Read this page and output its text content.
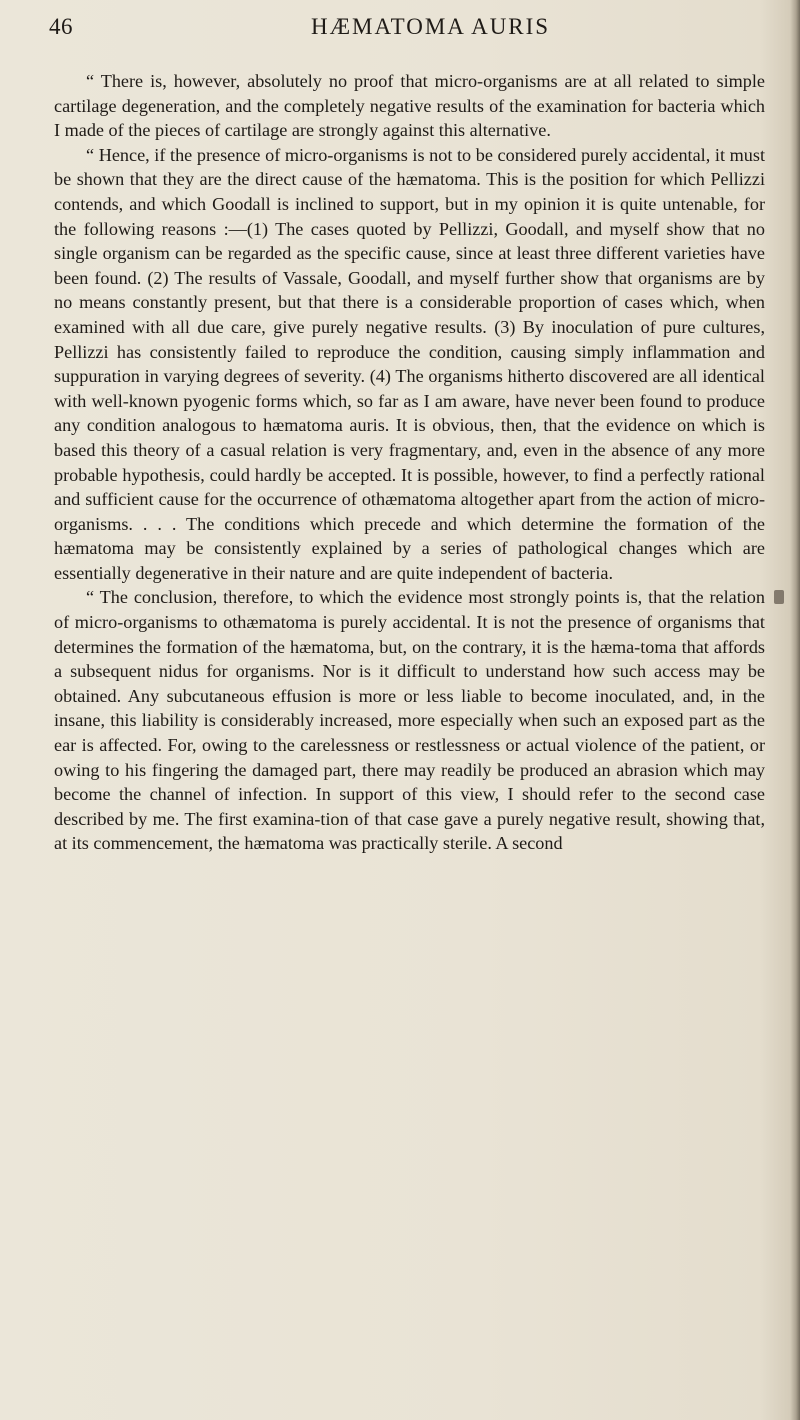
46	HÆMATOMA AURIS

“ There is, however, absolutely no proof that micro-organisms are at all related to simple cartilage degeneration, and the completely negative results of the examination for bacteria which I made of the pieces of cartilage are strongly against this alternative.

“ Hence, if the presence of micro-organisms is not to be considered purely accidental, it must be shown that they are the direct cause of the hæmatoma. This is the position for which Pellizzi contends, and which Goodall is inclined to support, but in my opinion it is quite untenable, for the following reasons :—(1) The cases quoted by Pellizzi, Goodall, and myself show that no single organism can be regarded as the specific cause, since at least three different varieties have been found. (2) The results of Vassale, Goodall, and myself further show that organisms are by no means constantly present, but that there is a considerable proportion of cases which, when examined with all due care, give purely negative results. (3) By inoculation of pure cultures, Pellizzi has consistently failed to reproduce the condition, causing simply inflammation and suppuration in varying degrees of severity. (4) The organisms hitherto discovered are all identical with well-known pyogenic forms which, so far as I am aware, have never been found to produce any condition analogous to hæmatoma auris. It is obvious, then, that the evidence on which is based this theory of a casual relation is very fragmentary, and, even in the absence of any more probable hypothesis, could hardly be accepted. It is possible, however, to find a perfectly rational and sufficient cause for the occurrence of othæmatoma altogether apart from the action of micro-organisms. . . . The conditions which precede and which determine the formation of the hæmatoma may be consistently explained by a series of pathological changes which are essentially degenerative in their nature and are quite independent of bacteria.

“ The conclusion, therefore, to which the evidence most strongly points is, that the relation of micro-organisms to othæmatoma is purely accidental. It is not the presence of organisms that determines the formation of the hæmatoma, but, on the contrary, it is the hæma-toma that affords a subsequent nidus for organisms. Nor is it difficult to understand how such access may be obtained. Any subcutaneous effusion is more or less liable to become inoculated, and, in the insane, this liability is considerably increased, more especially when such an exposed part as the ear is affected. For, owing to the carelessness or restlessness or actual violence of the patient, or owing to his fingering the damaged part, there may readily be produced an abrasion which may become the channel of infection. In support of this view, I should refer to the second case described by me. The first examina-tion of that case gave a purely negative result, showing that, at its commencement, the hæmatoma was practically sterile. A second
